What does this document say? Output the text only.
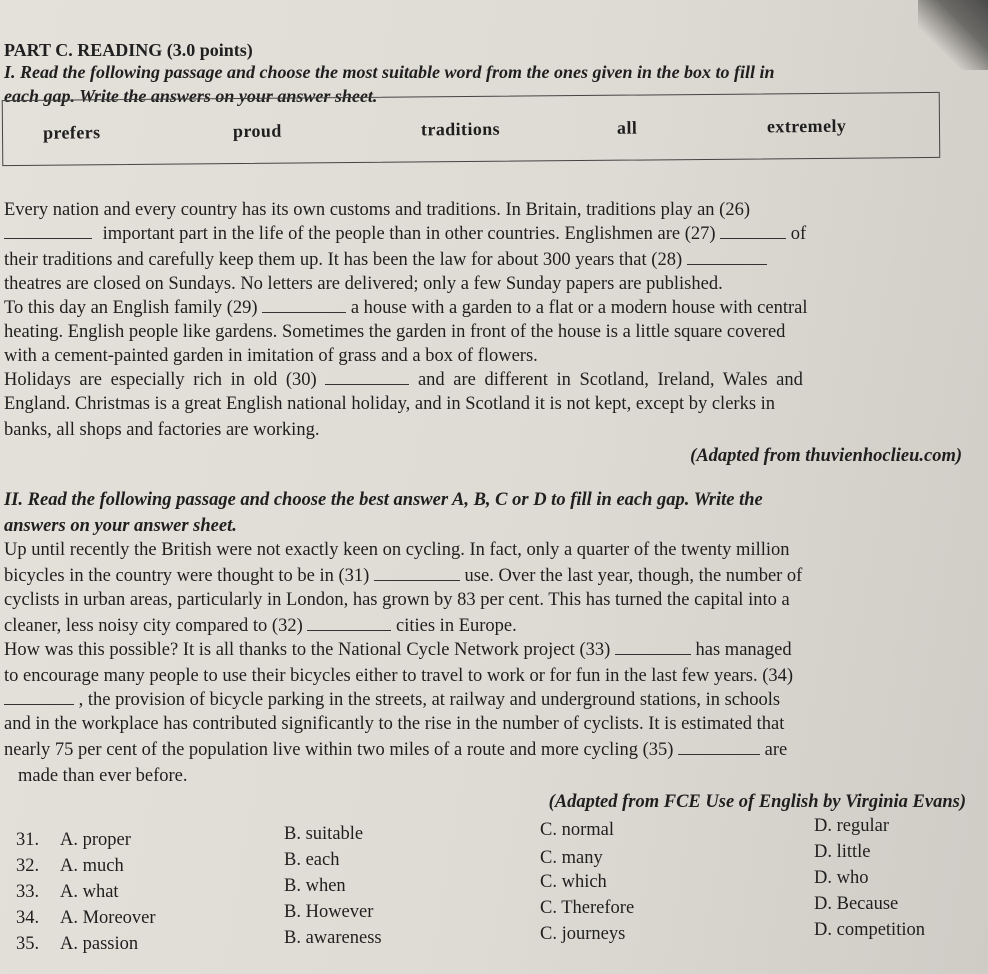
PART C. READING (3.0 points)
I. Read the following passage and choose the most suitable word from the ones given in the box to fill in
each gap. Write the answers on your answer sheet.
prefers	proud	traditions	all	extremely
Every nation and every country has its own customs and traditions. In Britain, traditions play an (26)
important part in the life of the people than in other countries. Englishmen are (27)	of
their traditions and carefully keep them up. It has been the law for about 300 years that (28)
theatres are closed on Sundays. No letters are delivered; only a few Sunday papers are published.
To this day an English family (29)	a house with a garden to a flat or a modern house with central
heating. English people like gardens. Sometimes the garden in front of the house is a little square covered
with a cement-painted garden in imitation of grass and a box of flowers.
Holidays are especially rich in old (30)	and are different in Scotland, Ireland, Wales and
England. Christmas is a great English national holiday, and in Scotland it is not kept, except by clerks in
banks, all shops and factories are working.
(Adapted from thuvienhoclieu.com)
II. Read the following passage and choose the best answer A, B, C or D to fill in each gap. Write the
answers on your answer sheet.
Up until recently the British were not exactly keen on cycling. In fact, only a quarter of the twenty million
bicycles in the country were thought to be in (31)	use. Over the last year, though, the number of
cyclists in urban areas, particularly in London, has grown by 83 per cent. This has turned the capital into a
cleaner, less noisy city compared to (32)	cities in Europe.
How was this possible? It is all thanks to the National Cycle Network project (33)	has managed
to encourage many people to use their bicycles either to travel to work or for fun in the last few years. (34)
, the provision of bicycle parking in the streets, at railway and underground stations, in schools
and in the workplace has contributed significantly to the rise in the number of cyclists. It is estimated that
nearly 75 per cent of the population live within two miles of a route and more cycling (35)	are
made than ever before.
(Adapted from FCE Use of English by Virginia Evans)
31. A. proper	B. suitable	C. normal	D. regular
32. A. much	B. each	C. many	D. little
33. A. what	B. when	C. which	D. who
34. A. Moreover	B. However	C. Therefore	D. Because
35. A. passion	B. awareness	C. journeys	D. competition
